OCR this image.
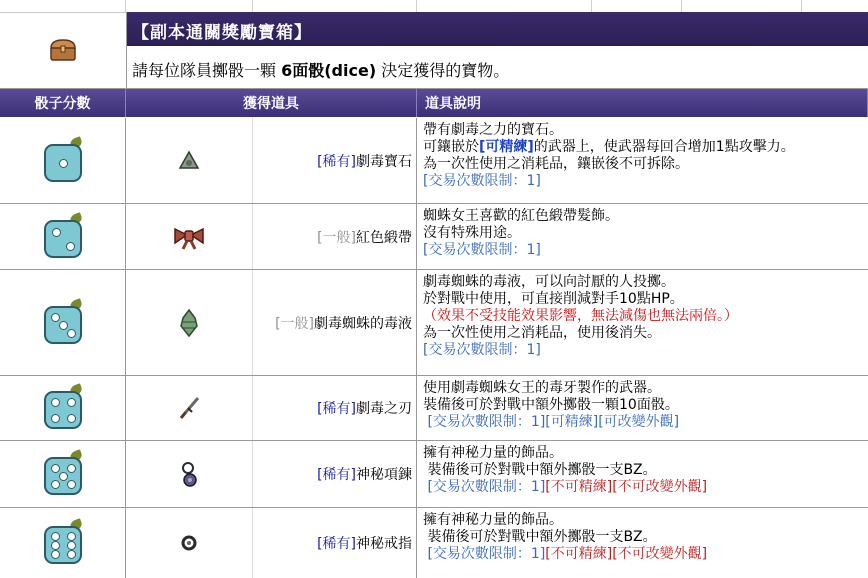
【副本通關獎勵寶箱】
請每位隊員擲骰一顆 6面骰(dice) 決定獲得的寶物。
骰子分數	獲得道具	道具說明
[稀有] 劇毒寶石
帶有劇毒之力的寶石。
可鑲嵌於[可精練]的武器上，使武器每回合增加1點攻擊力。
為一次性使用之消耗品，鑲嵌後不可拆除。
[交易次數限制：1]
[一般] 紅色緞帶
蜘蛛女王喜歡的紅色緞帶髮飾。
沒有特殊用途。
[交易次數限制：1]
[一般] 劇毒蜘蛛的毒液
劇毒蜘蛛的毒液，可以向討厭的人投擲。
於對戰中使用，可直接削減對手10點HP。
（效果不受技能效果影響，無法減傷也無法兩倍。）
為一次性使用之消耗品，使用後消失。
[交易次數限制：1]
[稀有] 劇毒之刃
使用劇毒蜘蛛女王的毒牙製作的武器。
裝備後可於對戰中額外擲骰一顆10面骰。
[交易次數限制：1][可精練][可改變外觀]
[稀有] 神秘項鍊
擁有神秘力量的飾品。
裝備後可於對戰中額外擲骰一支BZ。
[交易次數限制：1][不可精練][不可改變外觀]
[稀有] 神秘戒指
擁有神秘力量的飾品。
裝備後可於對戰中額外擲骰一支BZ。
[交易次數限制：1][不可精練][不可改變外觀]
